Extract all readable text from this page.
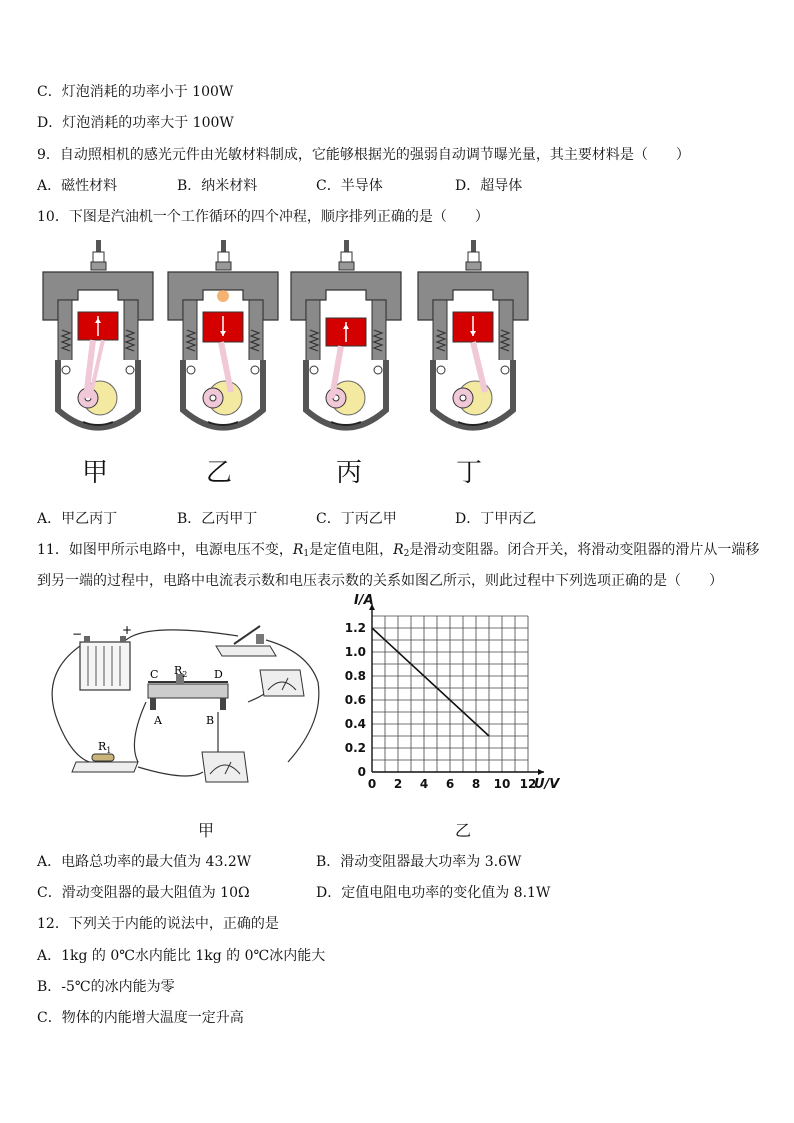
C．灯泡消耗的功率小于 100W
D．灯泡消耗的功率大于 100W
9．自动照相机的感光元件由光敏材料制成，它能够根据光的强弱自动调节曝光量，其主要材料是（　　）
A．磁性材料	B．纳米材料	C．半导体	D．超导体
10．下图是汽油机一个工作循环的四个冲程，顺序排列正确的是（　　）
甲	乙	丙	丁
A．甲乙丙丁	B．乙丙甲丁	C．丁丙乙甲	D．丁甲丙乙
11．如图甲所示电路中，电源电压不变，$R_1$是定值电阻，$R_2$是滑动变阻器。闭合开关，将滑动变阻器的滑片从一端移
到另一端的过程中，电路中电流表示数和电压表示数的关系如图乙所示，则此过程中下列选项正确的是（　　）
−	+
C $R_2$ D
A	B
$R_1$
0 2 4 6 8 10 12
0
0.2
0.4
0.6
0.8
1.0
1.2
U/V
I/A
甲	乙
A．电路总功率的最大值为 43.2W	B．滑动变阻器最大功率为 3.6W
C．滑动变阻器的最大阻值为 10Ω	D．定值电阻电功率的变化值为 8.1W
12．下列关于内能的说法中，正确的是
A．1kg 的 0℃水内能比 1kg 的 0℃冰内能大
B．-5℃的冰内能为零
C．物体的内能增大温度一定升高
